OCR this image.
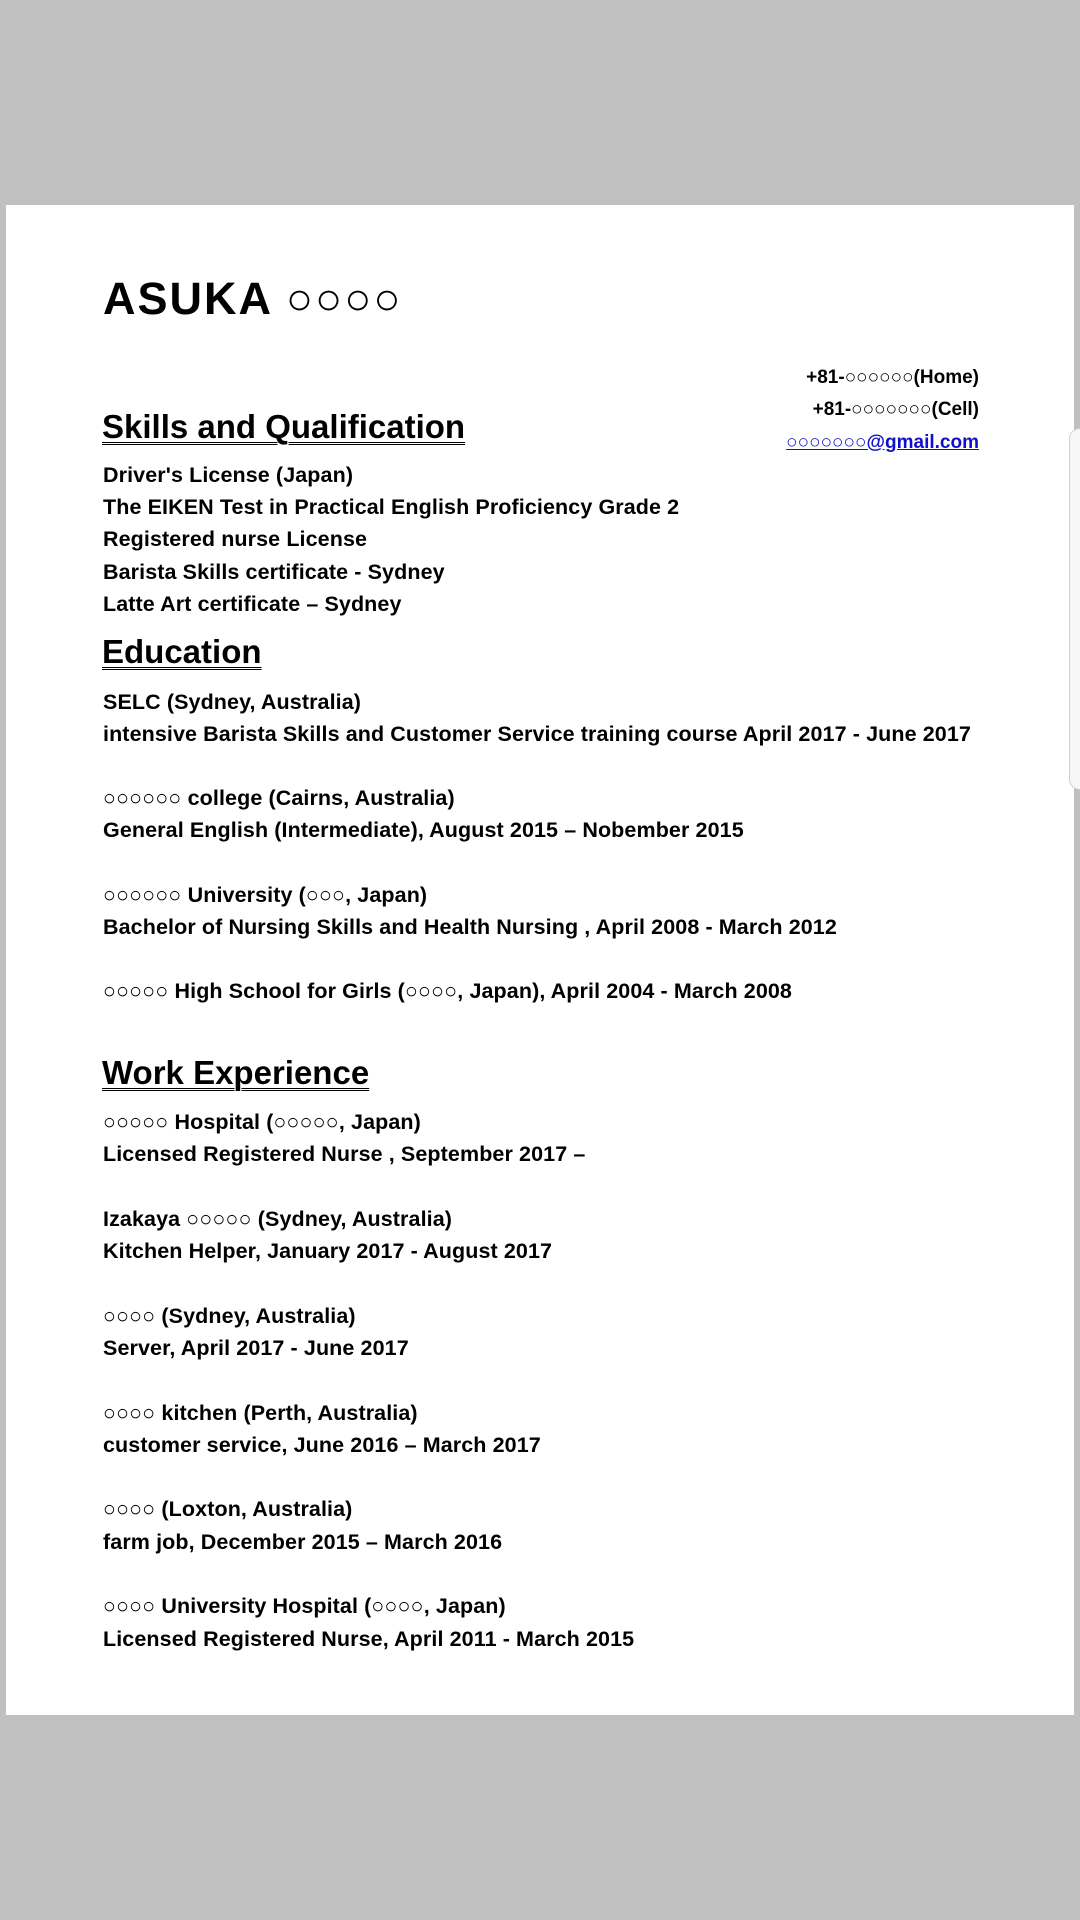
ASUKA ○○○○
+81-○○○○○○(Home)
+81-○○○○○○○(Cell)
○○○○○○○@gmail.com
Skills and Qualification
Driver's License (Japan)
The EIKEN Test in Practical English Proficiency Grade 2
Registered nurse License
Barista Skills certificate - Sydney
Latte Art certificate – Sydney
Education
SELC (Sydney, Australia)
intensive Barista Skills and Customer Service training course April 2017 - June 2017
○○○○○○ college (Cairns, Australia)
General English (Intermediate), August 2015 – Nobember 2015
○○○○○○ University (○○○, Japan)
Bachelor of Nursing Skills and Health Nursing , April 2008 - March 2012
○○○○○ High School for Girls (○○○○, Japan), April 2004 - March 2008
Work Experience
○○○○○ Hospital (○○○○○, Japan)
Licensed Registered Nurse , September 2017 –
Izakaya ○○○○○ (Sydney, Australia)
Kitchen Helper, January 2017 - August 2017
○○○○ (Sydney, Australia)
Server, April 2017 - June 2017
○○○○ kitchen (Perth, Australia)
customer service, June 2016 – March 2017
○○○○ (Loxton, Australia)
farm job, December 2015 – March 2016
○○○○ University Hospital (○○○○, Japan)
Licensed Registered Nurse, April 2011 - March 2015
